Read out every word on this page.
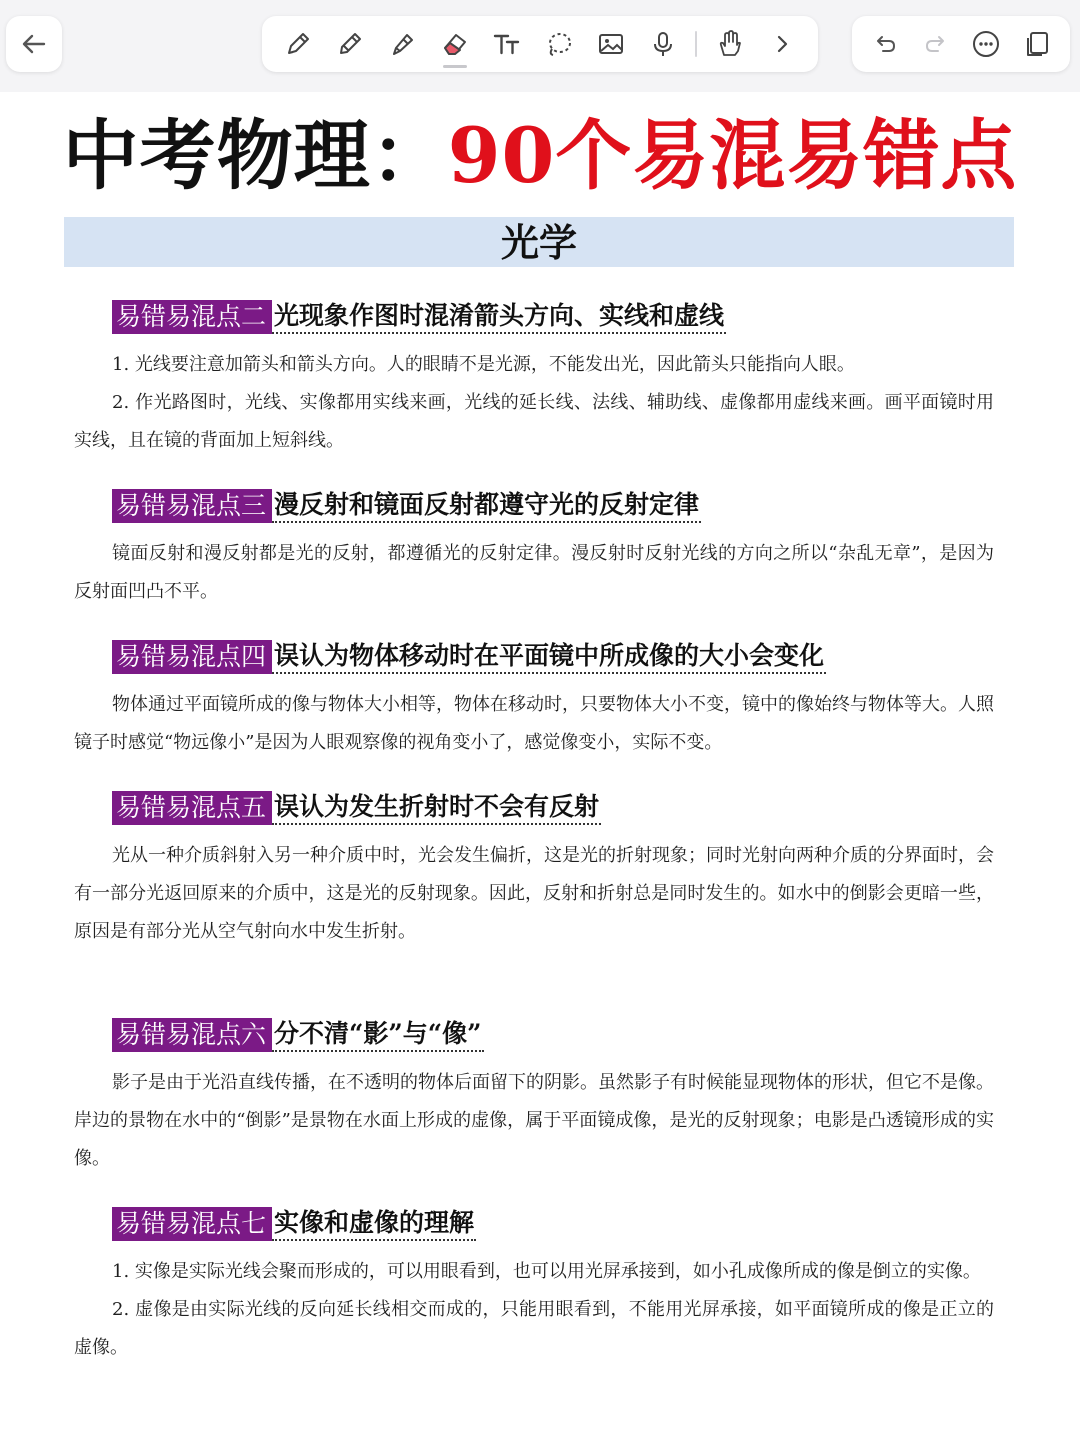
中考物理：90个易混易错点
光学
易错易混点二 光现象作图时混淆箭头方向、实线和虚线

1. 光线要注意加箭头和箭头方向。人的眼睛不是光源，不能发出光，因此箭头只能指向人眼。

2. 作光路图时，光线、实像都用实线来画，光线的延长线、法线、辅助线、虚像都用虚线来画。画平面镜时用实线，且在镜的背面加上短斜线。

易错易混点三 漫反射和镜面反射都遵守光的反射定律

镜面反射和漫反射都是光的反射，都遵循光的反射定律。漫反射时反射光线的方向之所以“杂乱无章”，是因为反射面凹凸不平。

易错易混点四 误认为物体移动时在平面镜中所成像的大小会变化

物体通过平面镜所成的像与物体大小相等，物体在移动时，只要物体大小不变，镜中的像始终与物体等大。人照镜子时感觉“物远像小”是因为人眼观察像的视角变小了，感觉像变小，实际不变。

易错易混点五 误认为发生折射时不会有反射

光从一种介质斜射入另一种介质中时，光会发生偏折，这是光的折射现象；同时光射向两种介质的分界面时，会有一部分光返回原来的介质中，这是光的反射现象。因此，反射和折射总是同时发生的。如水中的倒影会更暗一些，原因是有部分光从空气射向水中发生折射。

易错易混点六 分不清“影”与“像”

影子是由于光沿直线传播，在不透明的物体后面留下的阴影。虽然影子有时候能显现物体的形状，但它不是像。岸边的景物在水中的“倒影”是景物在水面上形成的虚像，属于平面镜成像，是光的反射现象；电影是凸透镜形成的实像。

易错易混点七 实像和虚像的理解

1. 实像是实际光线会聚而形成的，可以用眼看到，也可以用光屏承接到，如小孔成像所成的像是倒立的实像。

2. 虚像是由实际光线的反向延长线相交而成的，只能用眼看到，不能用光屏承接，如平面镜所成的像是正立的虚像。
